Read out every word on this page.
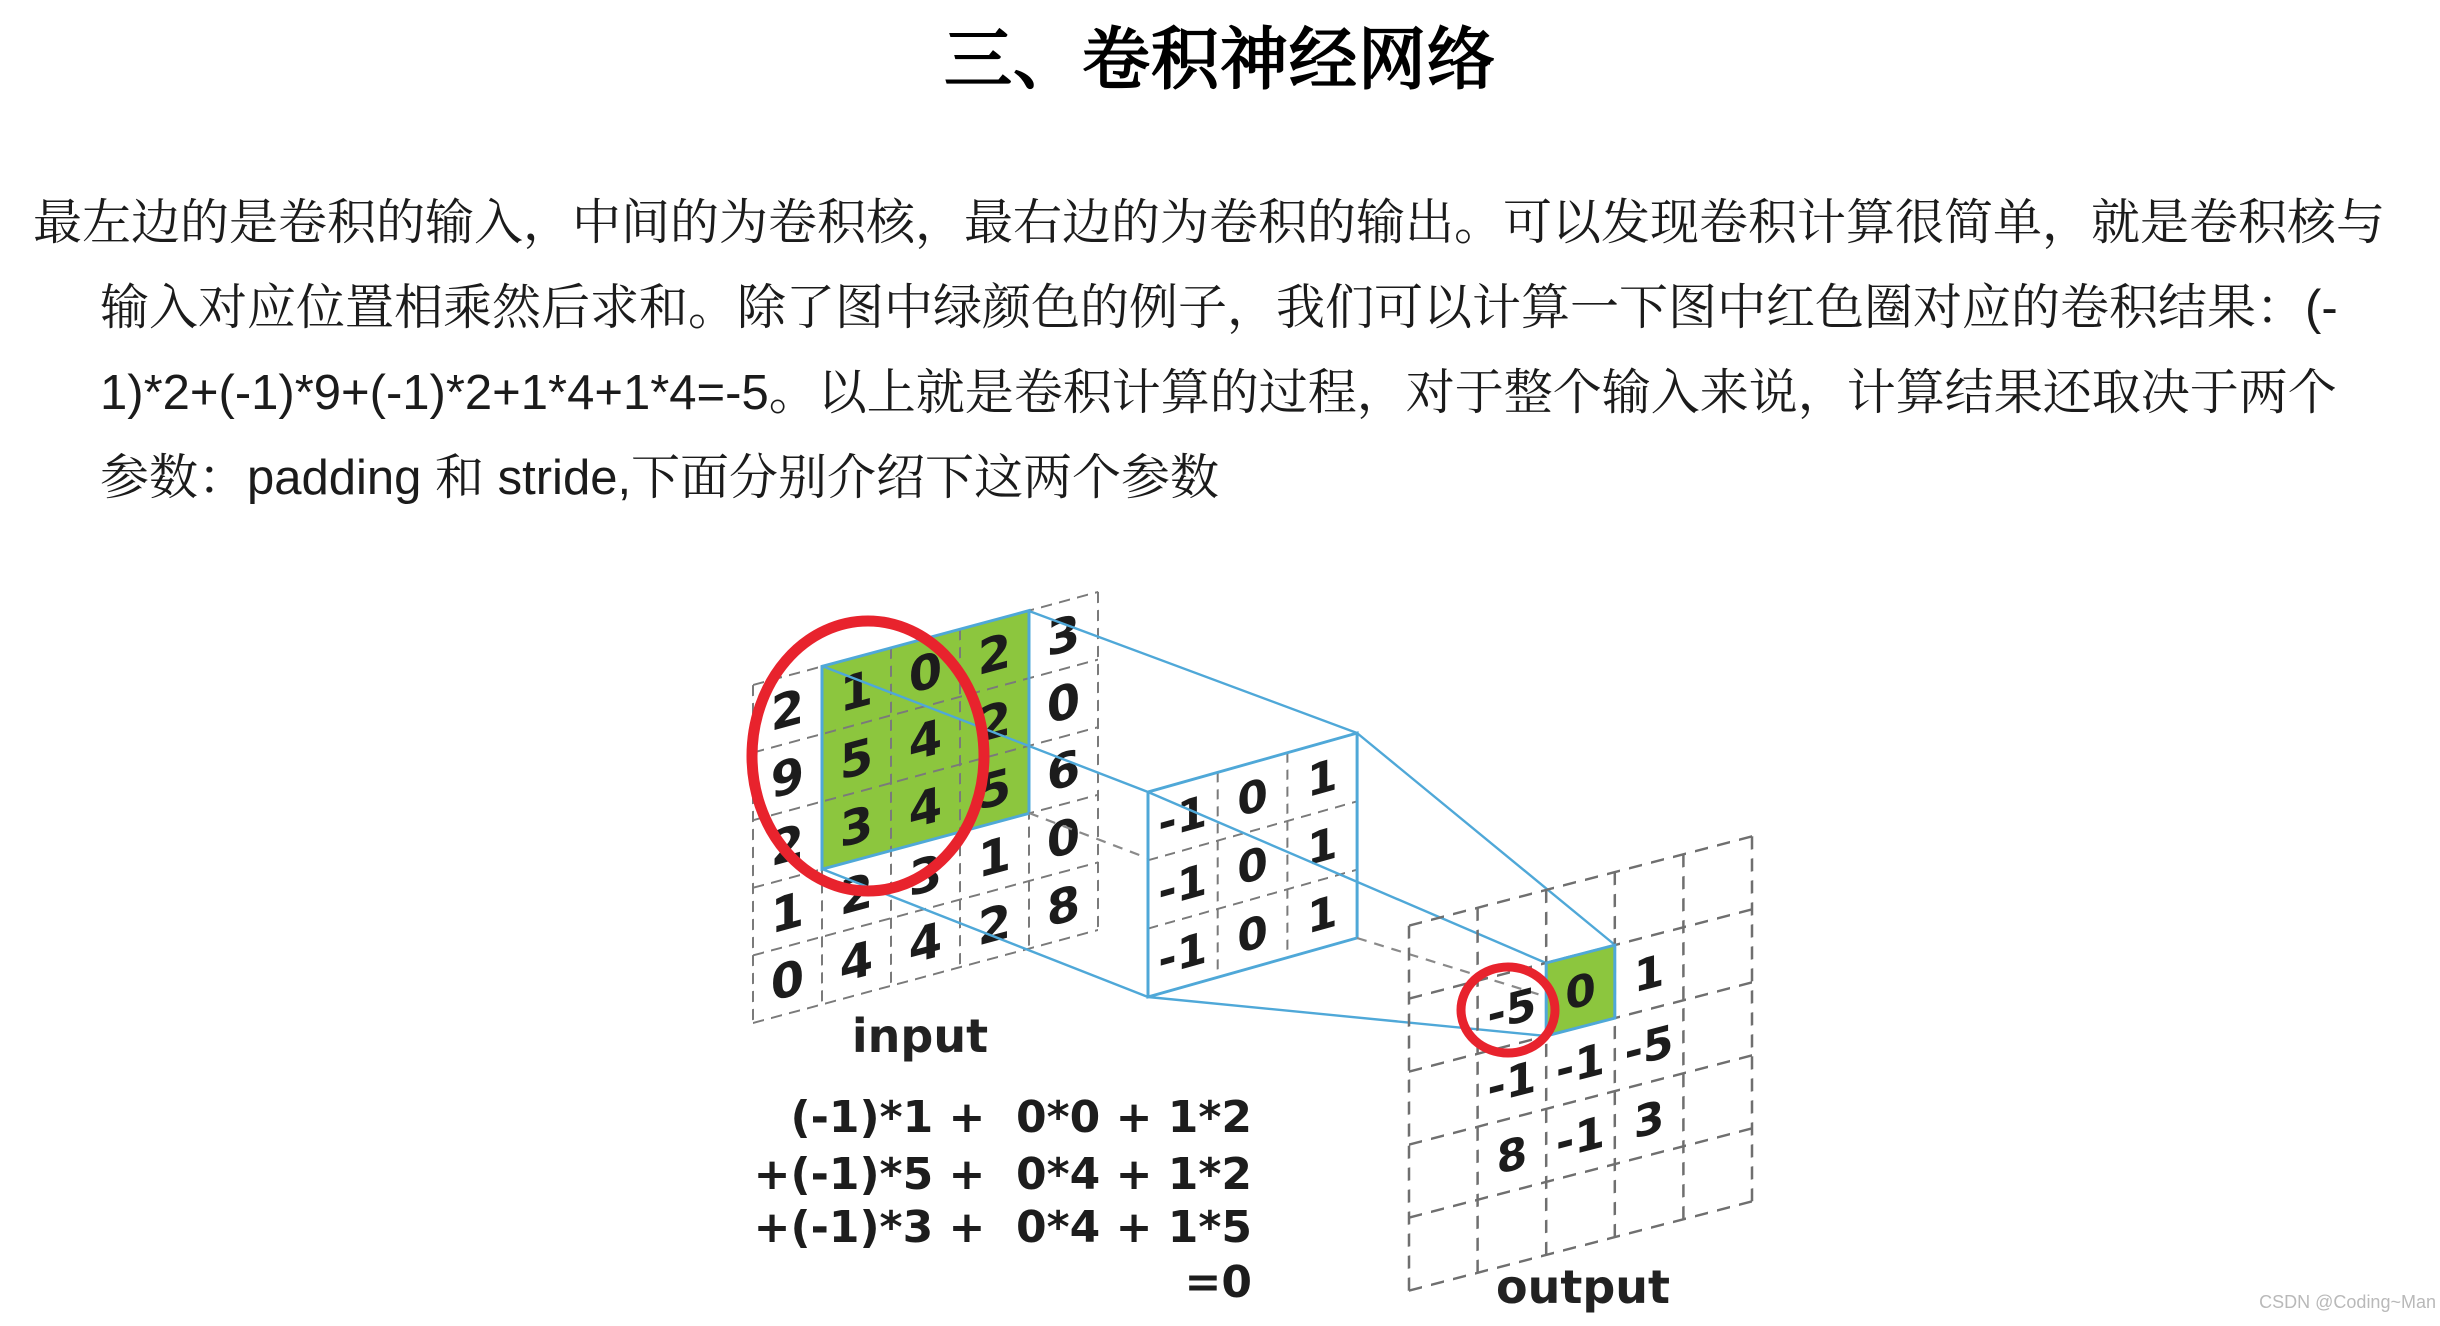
三、卷积神经网络
最左边的是卷积的输入，中间的为卷积核，最右边的为卷积的输出。可以发现卷积计算很简单，就是卷积核与
输入对应位置相乘然后求和。除了图中绿颜色的例子，我们可以计算一下图中红色圈对应的卷积结果：(-
1)*2+(-1)*9+(-1)*2+1*4+1*4=-5。以上就是卷积计算的过程，对于整个输入来说，计算结果还取决于两个
参数：padding 和 stride,下面分别介绍下这两个参数
2 1 0 2 3
9 5 4 2 0
2 3 4 5 6
1 2 3 1 0
0 4 4 2 8
-1 0 1
-1 0 1
-1 0 1
-5 0 1
-1 -1 -5
8 -1 3
input
output
(-1)*1 +  0*0 + 1*2
+(-1)*5 +  0*4 + 1*2
+(-1)*3 +  0*4 + 1*5
=0	CSDN @Coding~Man
